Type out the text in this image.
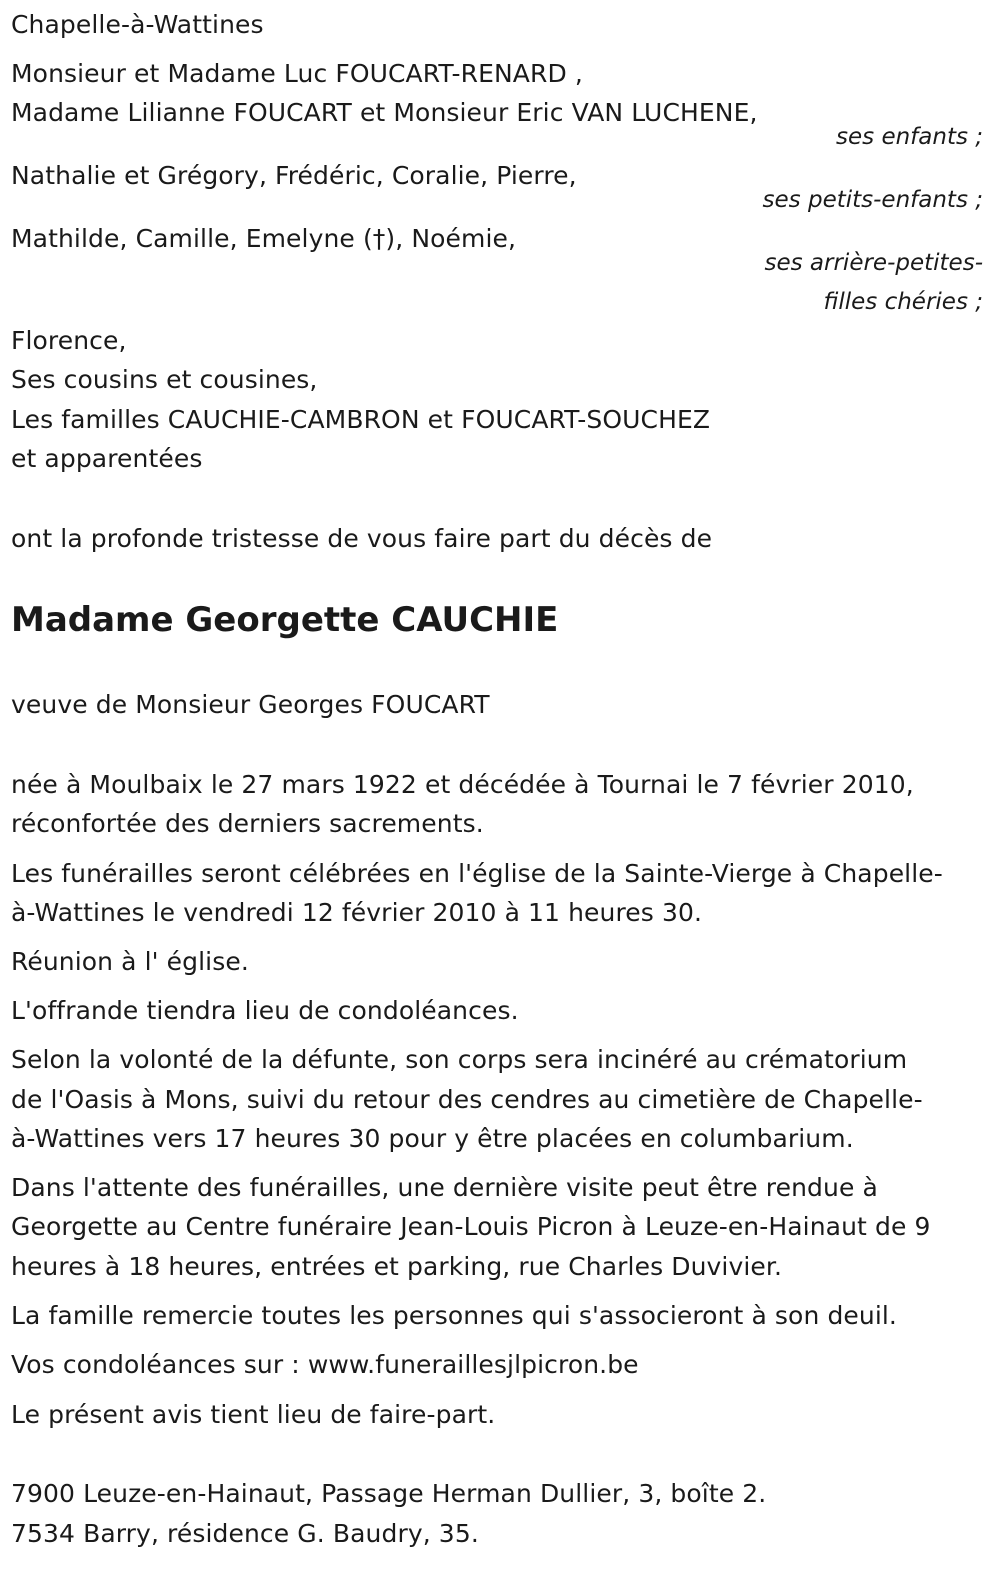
Chapelle-à-Wattines
Monsieur et Madame Luc FOUCART-RENARD ,
Madame Lilianne FOUCART et Monsieur Eric VAN LUCHENE,
ses enfants ;
Nathalie et Grégory, Frédéric, Coralie, Pierre,
ses petits-enfants ;
Mathilde, Camille, Emelyne (†), Noémie,
ses arrière-petites-
filles chéries ;
Florence,
Ses cousins et cousines,
Les familles CAUCHIE-CAMBRON et FOUCART-SOUCHEZ
et apparentées
ont la profonde tristesse de vous faire part du décès de
Madame Georgette CAUCHIE
veuve de Monsieur Georges FOUCART
née à Moulbaix le 27 mars 1922 et décédée à Tournai le 7 février 2010,
réconfortée des derniers sacrements.
Les funérailles seront célébrées en l'église de la Sainte-Vierge à Chapelle-
à-Wattines le vendredi 12 février 2010 à 11 heures 30.
Réunion à l' église.
L'offrande tiendra lieu de condoléances.
Selon la volonté de la défunte, son corps sera incinéré au crématorium
de l'Oasis à Mons, suivi du retour des cendres au cimetière de Chapelle-
à-Wattines vers 17 heures 30 pour y être placées en columbarium.
Dans l'attente des funérailles, une dernière visite peut être rendue à
Georgette au Centre funéraire Jean-Louis Picron à Leuze-en-Hainaut de 9
heures à 18 heures, entrées et parking, rue Charles Duvivier.
La famille remercie toutes les personnes qui s'associeront à son deuil.
Vos condoléances sur : www.funeraillesjlpicron.be
Le présent avis tient lieu de faire-part.
7900 Leuze-en-Hainaut, Passage Herman Dullier, 3, boîte 2.
7534 Barry, résidence G. Baudry, 35.
